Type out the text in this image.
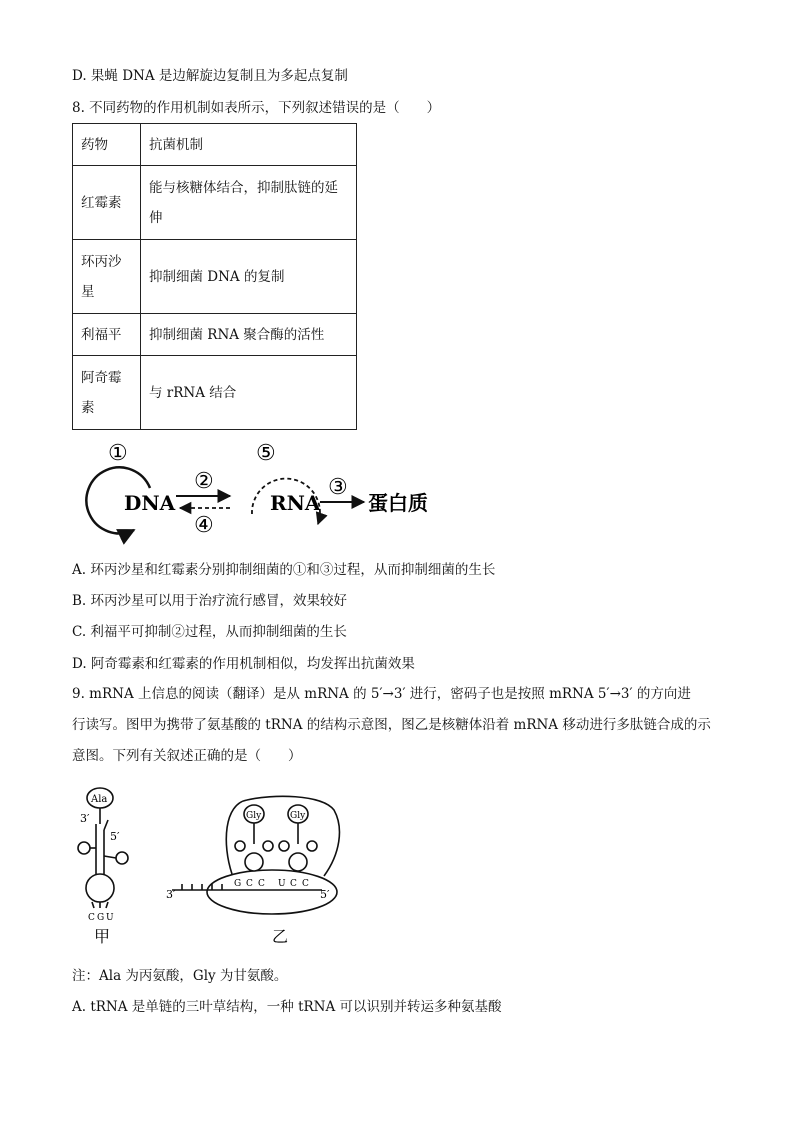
D. 果蝇 DNA 是边解旋边复制且为多起点复制
8. 不同药物的作用机制如表所示，下列叙述错误的是（　　）
药物	抗菌机制
红霉素	能与核糖体结合，抑制肽链的延伸
环丙沙星	抑制细菌 DNA 的复制
利福平	抑制细菌 RNA 聚合酶的活性
阿奇霉素	与 rRNA 结合
①
DNA
②
④
⑤
RNA
③
蛋白质
A. 环丙沙星和红霉素分别抑制细菌的①和③过程，从而抑制细菌的生长
B. 环丙沙星可以用于治疗流行感冒，效果较好
C. 利福平可抑制②过程，从而抑制细菌的生长
D. 阿奇霉素和红霉素的作用机制相似，均发挥出抗菌效果
9. mRNA 上信息的阅读（翻译）是从 mRNA 的 5′→3′ 进行，密码子也是按照 mRNA 5′→3′ 的方向进
行读写。图甲为携带了氨基酸的 tRNA 的结构示意图，图乙是核糖体沿着 mRNA 移动进行多肽链合成的示
意图。下列有关叙述正确的是（　　）
Ala
3′
5′
C G U
甲
Gly	Gly
3′	5′
G C C U C C
乙
注：Ala 为丙氨酸，Gly 为甘氨酸。
A. tRNA 是单链的三叶草结构，一种 tRNA 可以识别并转运多种氨基酸
